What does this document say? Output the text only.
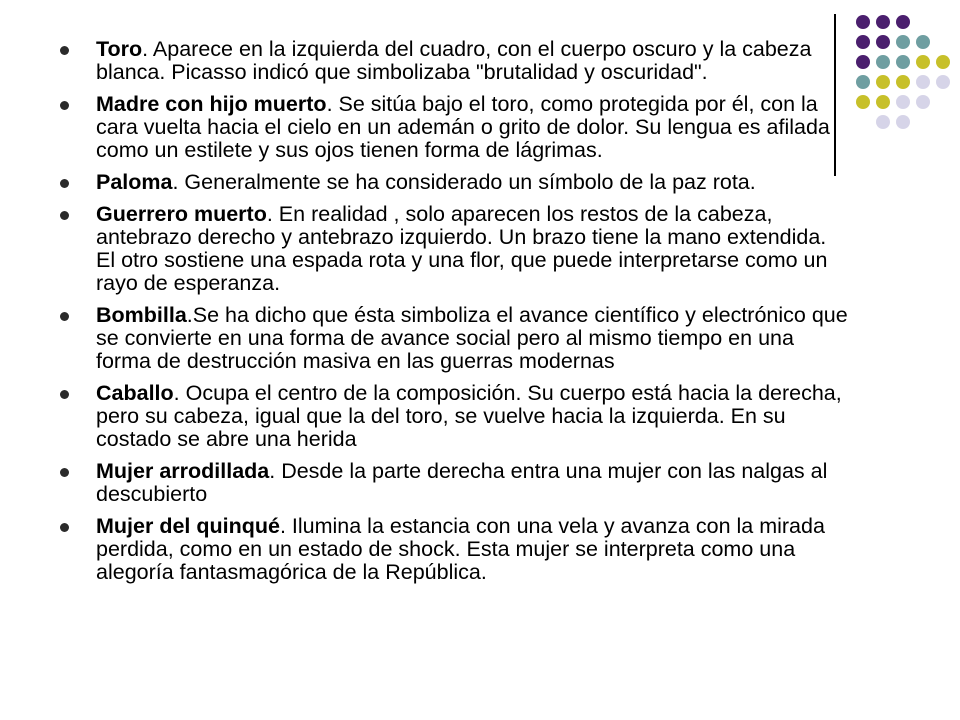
Toro. Aparece en la izquierda del cuadro, con el cuerpo oscuro y la cabeza blanca. Picasso indicó que simbolizaba "brutalidad y oscuridad".
Madre con hijo muerto. Se sitúa bajo el toro, como protegida por él, con la cara vuelta hacia el cielo en un ademán o grito de dolor. Su lengua es afilada como un estilete y sus ojos tienen forma de lágrimas.
Paloma. Generalmente se ha considerado un símbolo de la paz rota.
Guerrero muerto. En realidad , solo aparecen los restos de la cabeza, antebrazo derecho y antebrazo izquierdo. Un brazo tiene la mano extendida. El otro sostiene una espada rota y una flor, que puede interpretarse como un rayo de esperanza.
Bombilla.Se ha dicho que ésta simboliza el avance científico y electrónico que se convierte en una forma de avance social pero al mismo tiempo en una forma de destrucción masiva en las guerras modernas
Caballo. Ocupa el centro de la composición. Su cuerpo está hacia la derecha, pero su cabeza, igual que la del toro, se vuelve hacia la izquierda. En su costado se abre una herida
Mujer arrodillada. Desde la parte derecha entra una mujer con las nalgas al descubierto
Mujer del quinqué. Ilumina la estancia con una vela y avanza con la mirada perdida, como en un estado de shock. Esta mujer se interpreta como una alegoría fantasmagórica de la República.
